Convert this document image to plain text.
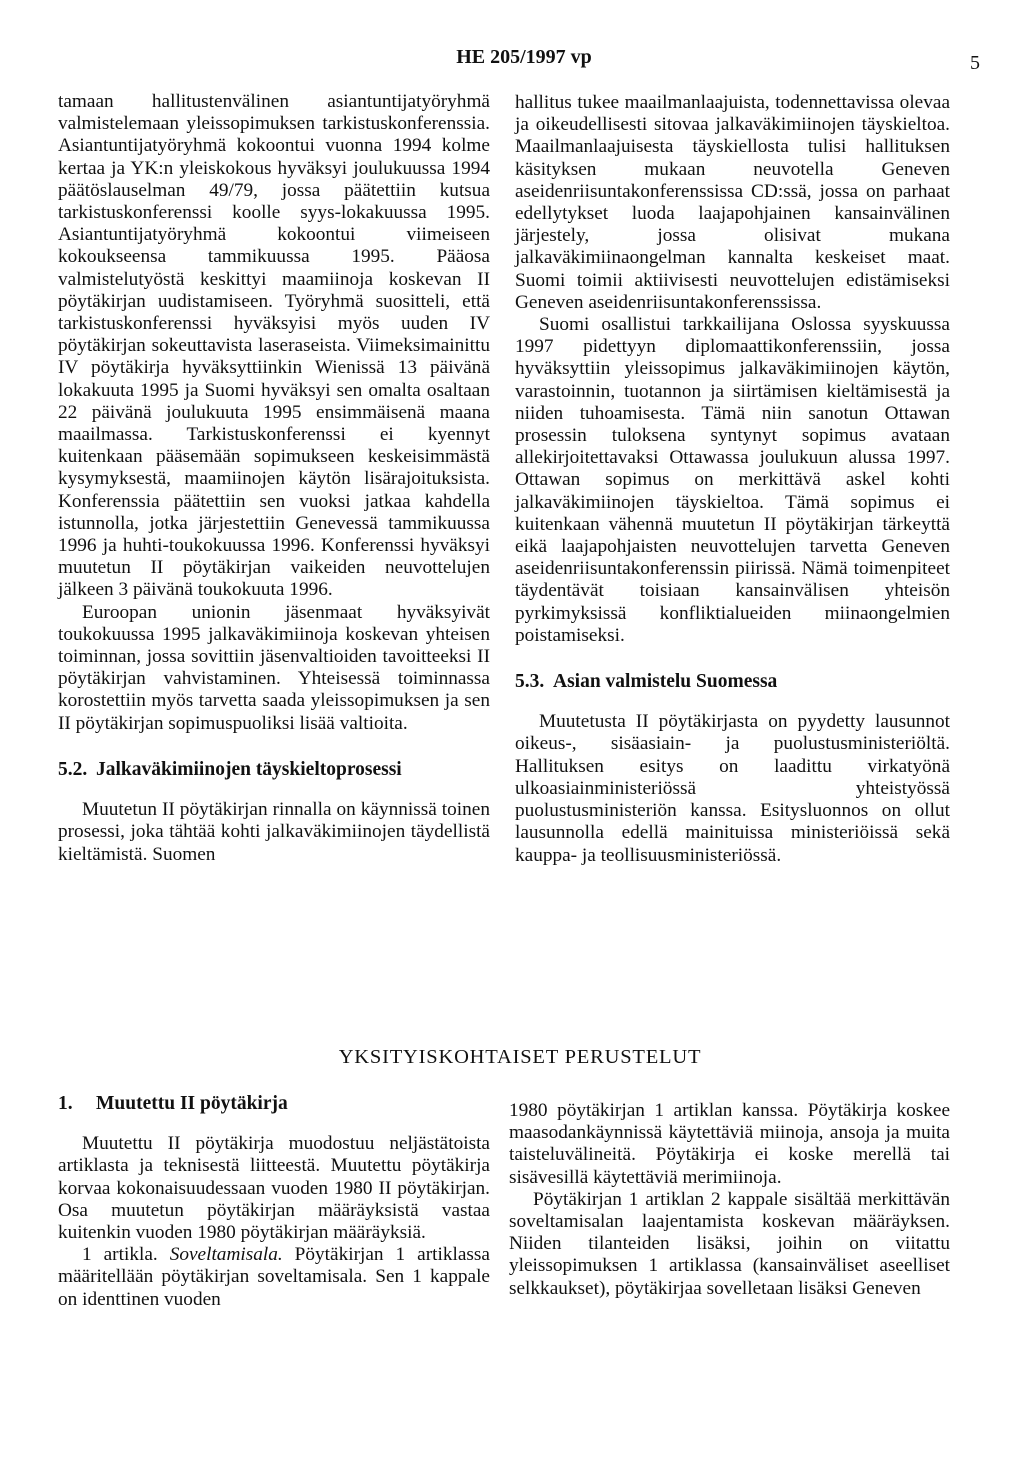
HE 205/1997 vp	5

tamaan hallitustenvälinen asiantuntijatyöryhmä valmistelemaan yleissopimuksen tarkistuskonferenssia. Asiantuntijatyöryhmä kokoontui vuonna 1994 kolme kertaa ja YK:n yleiskokous hyväksyi joulukuussa 1994 päätöslauselman 49/79, jossa päätettiin kutsua tarkistuskonferenssi koolle syys-lokakuussa 1995. Asiantuntijatyöryhmä kokoontui viimeiseen kokoukseensa tammikuussa 1995. Pääosa valmistelutyöstä keskittyi maamiinoja koskevan II pöytäkirjan uudistamiseen. Työryhmä suositteli, että tarkistuskonferenssi hyväksyisi myös uuden IV pöytäkirjan sokeuttavista laseraseista. Viimeksimainittu IV pöytäkirja hyväksyttiinkin Wienissä 13 päivänä lokakuuta 1995 ja Suomi hyväksyi sen omalta osaltaan 22 päivänä joulukuuta 1995 ensimmäisenä maana maailmassa. Tarkistuskonferenssi ei kyennyt kuitenkaan pääsemään sopimukseen keskeisimmästä kysymyksestä, maamiinojen käytön lisärajoituksista. Konferenssia päätettiin sen vuoksi jatkaa kahdella istunnolla, jotka järjestettiin Genevessä tammikuussa 1996 ja huhti-toukokuussa 1996. Konferenssi hyväksyi muutetun II pöytäkirjan vaikeiden neuvottelujen jälkeen 3 päivänä toukokuuta 1996.

Euroopan unionin jäsenmaat hyväksyivät toukokuussa 1995 jalkaväkimiinoja koskevan yhteisen toiminnan, jossa sovittiin jäsenvaltioiden tavoitteeksi II pöytäkirjan vahvistaminen. Yhteisessä toiminnassa korostettiin myös tarvetta saada yleissopimuksen ja sen II pöytäkirjan sopimuspuoliksi lisää valtioita.

5.2. Jalkaväkimiinojen täyskieltoprosessi

Muutetun II pöytäkirjan rinnalla on käynnissä toinen prosessi, joka tähtää kohti jalkaväkimiinojen täydellistä kieltämistä. Suomen

hallitus tukee maailmanlaajuista, todennettavissa olevaa ja oikeudellisesti sitovaa jalkaväkimiinojen täyskieltoa. Maailmanlaajuisesta täyskiellosta tulisi hallituksen käsityksen mukaan neuvotella Geneven aseidenriisuntakonferenssissa CD:ssä, jossa on parhaat edellytykset luoda laajapohjainen kansainvälinen järjestely, jossa olisivat mukana jalkaväkimiinaongelman kannalta keskeiset maat. Suomi toimii aktiivisesti neuvottelujen edistämiseksi Geneven aseidenriisuntakonferenssissa.

Suomi osallistui tarkkailijana Oslossa syyskuussa 1997 pidettyyn diplomaattikonferenssiin, jossa hyväksyttiin yleissopimus jalkaväkimiinojen käytön, varastoinnin, tuotannon ja siirtämisen kieltämisestä ja niiden tuhoamisesta. Tämä niin sanotun Ottawan prosessin tuloksena syntynyt sopimus avataan allekirjoitettavaksi Ottawassa joulukuun alussa 1997. Ottawan sopimus on merkittävä askel kohti jalkaväkimiinojen täyskieltoa. Tämä sopimus ei kuitenkaan vähennä muutetun II pöytäkirjan tärkeyttä eikä laajapohjaisten neuvottelujen tarvetta Geneven aseidenriisuntakonferenssin piirissä. Nämä toimenpiteet täydentävät toisiaan kansainvälisen yhteisön pyrkimyksissä konfliktialueiden miinaongelmien poistamiseksi.

5.3. Asian valmistelu Suomessa

Muutetusta II pöytäkirjasta on pyydetty lausunnot oikeus-, sisäasiain- ja puolustusministeriöltä. Hallituksen esitys on laadittu virkatyönä ulkoasiainministeriössä yhteistyössä puolustusministeriön kanssa. Esitysluonnos on ollut lausunnolla edellä mainituissa ministeriöissä sekä kauppa- ja teollisuusministeriössä.

YKSITYISKOHTAISET PERUSTELUT
1. Muutettu II pöytäkirja

Muutettu II pöytäkirja muodostuu neljästätoista artiklasta ja teknisestä liitteestä. Muutettu pöytäkirja korvaa kokonaisuudessaan vuoden 1980 II pöytäkirjan. Osa muutetun pöytäkirjan määräyksistä vastaa kuitenkin vuoden 1980 pöytäkirjan määräyksiä.

1 artikla. Soveltamisala. Pöytäkirjan 1 artiklassa määritellään pöytäkirjan soveltamisala. Sen 1 kappale on identtinen vuoden

1980 pöytäkirjan 1 artiklan kanssa. Pöytäkirja koskee maasodankäynnissä käytettäviä miinoja, ansoja ja muita taisteluvälineitä. Pöytäkirja ei koske merellä tai sisävesillä käytettäviä merimiinoja.

Pöytäkirjan 1 artiklan 2 kappale sisältää merkittävän soveltamisalan laajentamista koskevan määräyksen. Niiden tilanteiden lisäksi, joihin on viitattu yleissopimuksen 1 artiklassa (kansainväliset aseelliset selkkaukset), pöytäkirjaa sovelletaan lisäksi Geneven
